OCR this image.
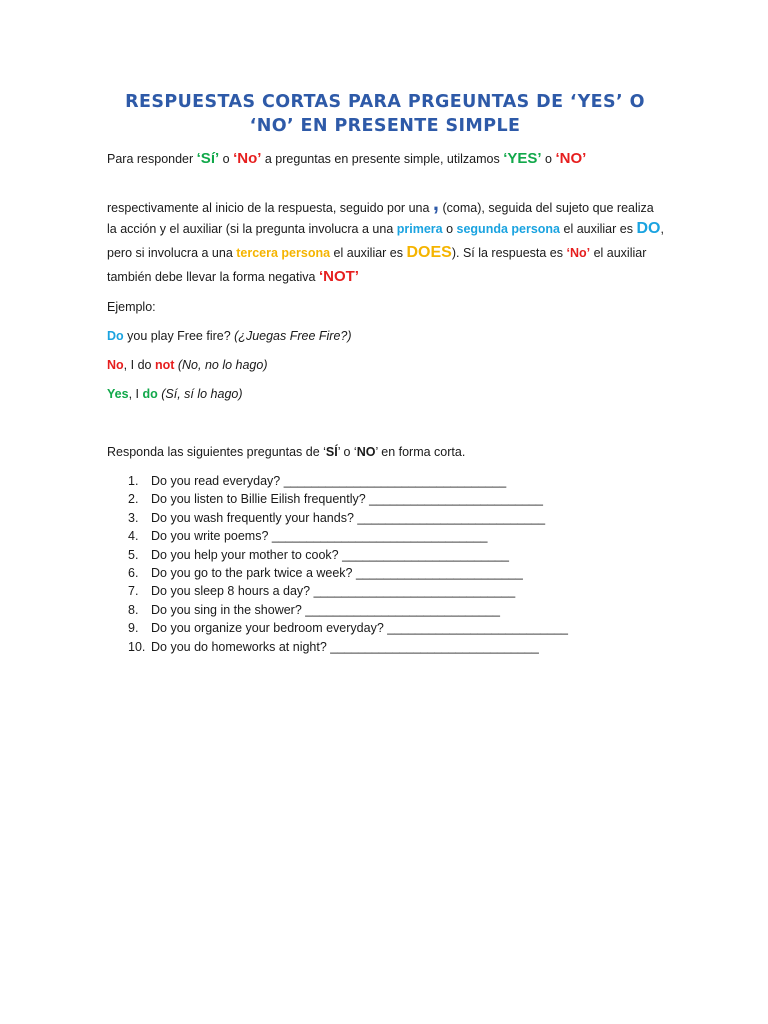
RESPUESTAS CORTAS PARA PRGEUNTAS DE ‘YES’ O ‘NO’ EN PRESENTE SIMPLE
Para responder ‘Sí’ o ‘No’ a preguntas en presente simple, utilzamos ‘YES’ o ‘NO’
respectivamente al inicio de la respuesta, seguido por una , (coma), seguida del sujeto que realiza
la acción y el auxiliar (si la pregunta involucra a una primera o segunda persona el auxiliar es DO,
pero si involucra a una tercera persona el auxiliar es DOES). Sí la respuesta es ‘No’ el auxiliar
también debe llevar la forma negativa ‘NOT’
Ejemplo:
Do you play Free fire? (¿Juegas Free Fire?)
No, I do not (No, no lo hago)
Yes, I do (Sí, sí lo hago)
Responda las siguientes preguntas de ‘SÍ’ o ‘NO’ en forma corta.
1. Do you read everyday? ________________________________
2. Do you listen to Billie Eilish frequently? _________________________
3. Do you wash frequently your hands? ___________________________
4. Do you write poems? _______________________________
5. Do you help your mother to cook? ________________________
6. Do you go to the park twice a week? ________________________
7. Do you sleep 8 hours a day? _____________________________
8. Do you sing in the shower? ____________________________
9. Do you organize your bedroom everyday? __________________________
10. Do you do homeworks at night? ______________________________
